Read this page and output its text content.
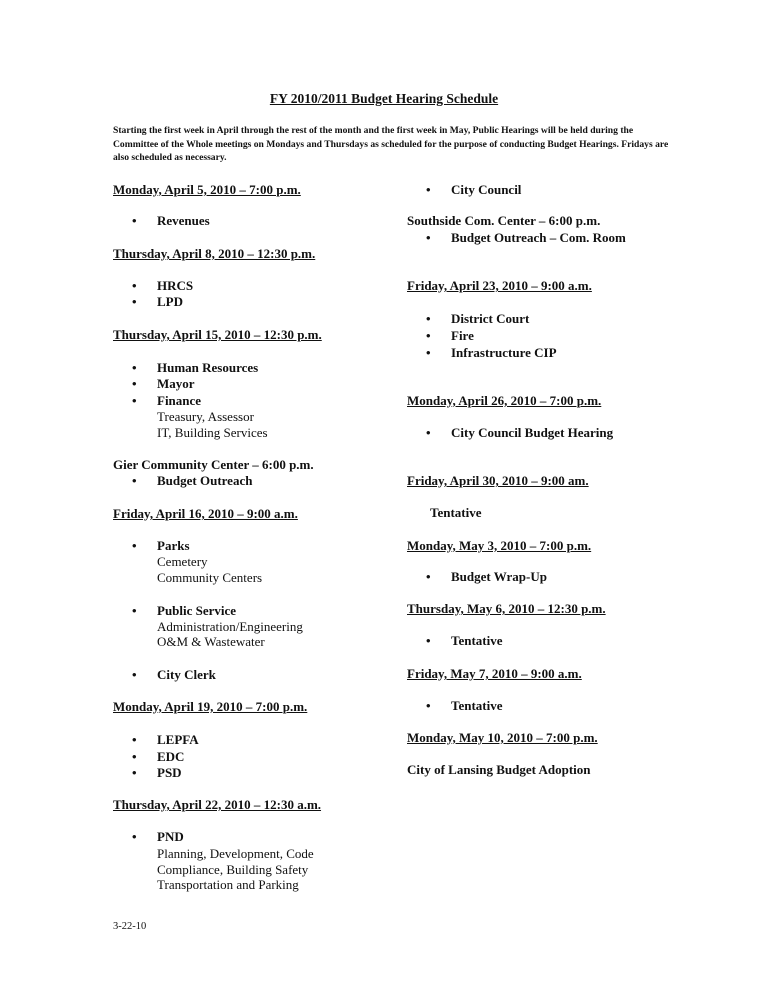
FY 2010/2011 Budget Hearing Schedule

Starting the first week in April through the rest of the month and the first week in May, Public Hearings will be held during the Committee of the Whole meetings on Mondays and Thursdays as scheduled for the purpose of conducting Budget Hearings. Fridays are also scheduled as necessary.

Monday, April 5, 2010 – 7:00 p.m.

• Revenues

Thursday, April 8, 2010 – 12:30 p.m.

• HRCS

• LPD

Thursday, April 15, 2010 – 12:30 p.m.

• Human Resources

• Mayor

• Finance

Treasury, Assessor

IT, Building Services

Gier Community Center – 6:00 p.m.

• Budget Outreach

Friday, April 16, 2010 – 9:00 a.m.

• Parks

Cemetery

Community Centers

• Public Service

Administration/Engineering

O&M & Wastewater

• City Clerk

Monday, April 19, 2010 – 7:00 p.m.

• LEPFA

• EDC

• PSD

Thursday, April 22, 2010 – 12:30 a.m.

• PND

Planning, Development, Code

Compliance, Building Safety

Transportation and Parking

• City Council

Southside Com. Center – 6:00 p.m.

• Budget Outreach – Com. Room

Friday, April 23, 2010 – 9:00 a.m.

• District Court

• Fire

• Infrastructure CIP

Monday, April 26, 2010 – 7:00 p.m.

• City Council Budget Hearing

Friday, April 30, 2010 – 9:00 am.

Tentative

Monday, May 3, 2010 – 7:00 p.m.

• Budget Wrap-Up

Thursday, May 6, 2010 – 12:30 p.m.

• Tentative

Friday, May 7, 2010 – 9:00 a.m.

• Tentative

Monday, May 10, 2010 – 7:00 p.m.

City of Lansing Budget Adoption

3-22-10
